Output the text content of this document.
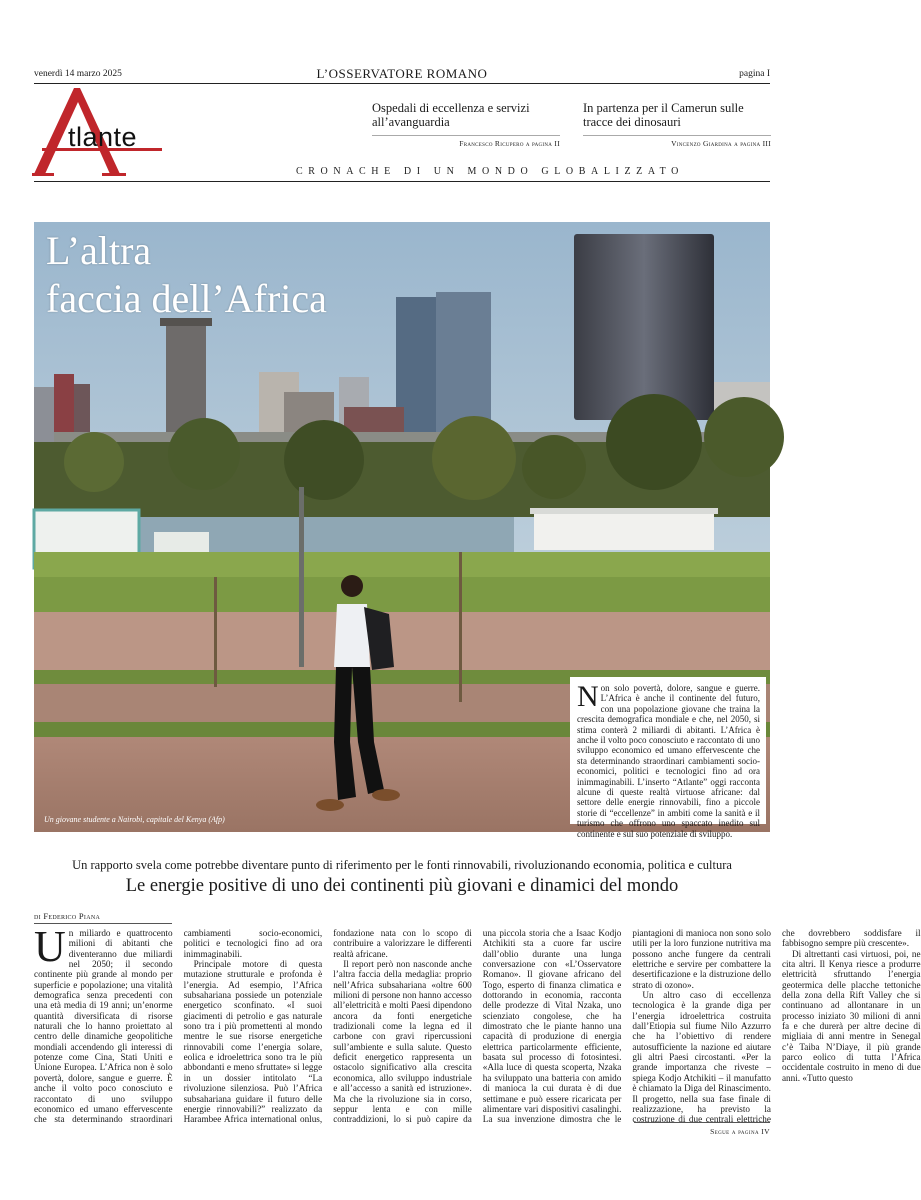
venerdì 14 marzo 2025	L’OSSERVATORE ROMANO	pagina I
tlante
Ospedali di eccellenza e servizi all’avanguardia
Francesco Ricupero a pagina II
In partenza per il Camerun sulle tracce dei dinosauri
Vincenzo Giardina a pagina III
CRONACHE DI UN MONDO GLOBALIZZATO
L’altra
faccia dell’Africa
Un giovane studente a Nairobi, capitale del Kenya (Afp)
Non solo povertà, dolore, sangue e guerre. L’Africa è anche il continente del futuro, con una popolazione giovane che traina la crescita demografica mondiale e che, nel 2050, si stima conterà 2 miliardi di abitanti. L’Africa è anche il volto poco conosciuto e raccontato di uno sviluppo economico ed umano effervescente che sta determinando straordinari cambiamenti socio-economici, politici e tecnologici fino ad ora inimmaginabili. L’inserto “Atlante” oggi racconta alcune di queste realtà virtuose africane: dal settore delle energie rinnovabili, fino a piccole storie di “eccellenze” in ambiti come la sanità e il turismo che offrono uno spaccato inedito sul continente e sul suo potenziale di sviluppo.
Un rapporto svela come potrebbe diventare punto di riferimento per le fonti rinnovabili, rivoluzionando economia, politica e cultura
Le energie positive di uno dei continenti più giovani e dinamici del mondo
di Federico Piana

Un miliardo e quattrocento milioni di abitanti che diventeranno due miliardi nel 2050; il secondo continente più grande al mondo per superficie e popolazione; una vitalità demografica senza precedenti con una età media di 19 anni; un’enorme quantità diversificata di risorse naturali che lo hanno proiettato al centro delle dinamiche geopolitiche mondiali accendendo gli interessi di potenze come Cina, Stati Uniti e Unione Europea. L’Africa non è solo povertà, dolore, sangue e guerre. È anche il volto poco conosciuto e raccontato di uno sviluppo economico ed umano effervescente che sta determinando straordinari cambiamenti socio-economici, politici e tecnologici fino ad ora inimmaginabili.

Principale motore di questa mutazione strutturale e profonda è l’energia. Ad esempio, l’Africa subsahariana possiede un potenziale energetico sconfinato. «I suoi giacimenti di petrolio e gas naturale sono tra i più promettenti al mondo mentre le sue risorse energetiche rinnovabili come l’energia solare, eolica e idroelettrica sono tra le più abbondanti e meno sfruttate» si legge in un dossier intitolato “La rivoluzione silenziosa. Può l’Africa subsahariana guidare il futuro delle energie rinnovabili?” realizzato da Harambee Africa international onlus, fondazione nata con lo scopo di contribuire a valorizzare le differenti realtà africane.

Il report però non nasconde anche l’altra faccia della medaglia: proprio nell’Africa subsahariana «oltre 600 milioni di persone non hanno accesso all’elettricità e molti Paesi dipendono ancora da fonti energetiche tradizionali come la legna ed il carbone con gravi ripercussioni sull’ambiente e sulla salute. Questo deficit energetico rappresenta un ostacolo significativo alla crescita economica, allo sviluppo industriale e all’accesso a sanità ed istruzione». Ma che la rivoluzione sia in corso, seppur lenta e con mille contraddizioni, lo si può capire da una piccola storia che a Isaac Kodjo Atchikiti sta a cuore far uscire dall’oblio durante una lunga conversazione con «L’Osservatore Romano». Il giovane africano del Togo, esperto di finanza climatica e dottorando in economia, racconta delle prodezze di Vital Nzaka, uno scienziato congolese, che ha dimostrato che le piante hanno una capacità di produzione di energia elettrica particolarmente efficiente, basata sul processo di fotosintesi. «Alla luce di questa scoperta, Nzaka ha sviluppato una batteria con amido di manioca la cui durata è di due settimane e può essere ricaricata per alimentare vari dispositivi casalinghi. La sua invenzione dimostra che le piantagioni di manioca non sono solo utili per la loro funzione nutritiva ma possono anche fungere da centrali elettriche e servire per combattere la desertificazione e la distruzione dello strato di ozono».

Un altro caso di eccellenza tecnologica è la grande diga per l’energia idroelettrica costruita dall’Etiopia sul fiume Nilo Azzurro che ha l’obiettivo di rendere autosufficiente la nazione ed aiutare gli altri Paesi circostanti. «Per la grande importanza che riveste – spiega Kodjo Atchikiti – il manufatto è chiamato la Diga del Rinascimento. Il progetto, nella sua fase finale di realizzazione, ha previsto la costruzione di due centrali elettriche che dovrebbero soddisfare il fabbisogno sempre più crescente».

Di altrettanti casi virtuosi, poi, ne cita altri. Il Kenya riesce a produrre elettricità sfruttando l’energia geotermica delle placche tettoniche della zona della Rift Valley che si continuano ad allontanare in un processo iniziato 30 milioni di anni fa e che durerà per altre decine di migliaia di anni mentre in Senegal c’è Taiba N’Diaye, il più grande parco eolico di tutta l’Africa occidentale costruito in meno di due anni. «Tutto questo

Segue a pagina IV
